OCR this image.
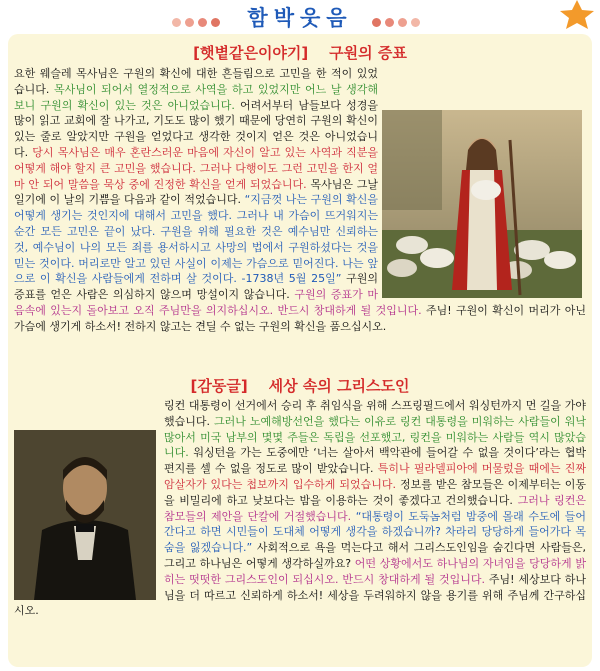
함박웃음
[햇볕같은이야기] 구원의 증표

요한 웨슬레 목사님은 구원의 확신에 대한 흔들림으로 고민을 한 적이 있었습니다. 목사님이 되어서 열정적으로 사역을 하고 있었지만 어느 날 생각해보니 구원의 확신이 있는 것은 아니었습니다. 어려서부터 남들보다 성경을 많이 읽고 교회에 잘 나가고, 기도도 많이 했기 때문에 당연히 구원의 확신이 있는 줄로 알았지만 구원을 얻었다고 생각한 것이지 얻은 것은 아니었습니다. 당시 목사님은 매우 혼란스러운 마음에 자신이 알고 있는 사역과 직분을 어떻게 해야 할지 큰 고민을 했습니다. 그러나 다행이도 그런 고민을 한지 얼마 안 되어 말씀을 묵상 중에 진정한 확신을 얻게 되었습니다. 목사님은 그날 일기에 이 날의 기쁨을 다음과 같이 적었습니다. “지금껏 나는 구원의 확신을 어떻게 생기는 것인지에 대해서 고민을 했다. 그러나 내 가슴이 뜨거워지는 순간 모든 고민은 끝이 났다. 구원을 위해 필요한 것은 예수님만 신뢰하는 것, 예수님이 나의 모든 죄를 용서하시고 사망의 법에서 구원하셨다는 것을 믿는 것이다. 머리로만 알고 있던 사실이 이제는 가슴으로 믿어진다. 나는 앞으로 이 확신을 사람들에게 전하며 살 것이다. -1738년 5월 25일” 구원의 증표를 얻은 사람은 의심하지 않으며 망설이지 않습니다. 구원의 증표가 마음속에 있는지 돌아보고 오직 주님만을 의지하십시오. 반드시 창대하게 될 것입니다. 주님! 구원이 확신이 머리가 아닌 가슴에 생기게 하소서! 전하지 않고는 견딜 수 없는 구원의 확신을 품으십시오.

[감동글] 세상 속의 그리스도인

링컨 대통령이 선거에서 승리 후 취임식을 위해 스프링필드에서 워싱턴까지 먼 길을 가야 했습니다. 그러나 노예해방선언을 했다는 이유로 링컨 대통령을 미워하는 사람들이 워낙 많아서 미국 남부의 몇몇 주들은 독립을 선포했고, 링컨을 미워하는 사람들 역시 많았습니다. 워싱턴을 가는 도중에만 ‘너는 살아서 백악관에 들어갈 수 없을 것이다’라는 협박 편지를 셀 수 없을 정도로 많이 받았습니다. 특히나 필라델피아에 머물렀을 때에는 진짜 암살자가 있다는 첩보까지 입수하게 되었습니다. 정보를 받은 참모들은 이제부터는 이동을 비밀리에 하고 낮보다는 밤을 이용하는 것이 좋겠다고 건의했습니다. 그러나 링컨은 참모들의 제안을 단칼에 거절했습니다. “대통령이 도둑놈처럼 밤중에 몰래 수도에 들어간다고 하면 시민들이 도대체 어떻게 생각을 하겠습니까? 차라리 당당하게 들어가다 목숨을 잃겠습니다.” 사회적으로 욕을 먹는다고 해서 그리스도인임을 숨긴다면 사람들은, 그리고 하나님은 어떻게 생각하실까요? 어떤 상황에서도 하나님의 자녀임을 당당하게 밝히는 떳떳한 그리스도인이 되십시오. 반드시 창대하게 될 것입니다. 주님! 세상보다 하나님을 더 따르고 신뢰하게 하소서! 세상을 두려워하지 않을 용기를 위해 주님께 간구하십시오.
